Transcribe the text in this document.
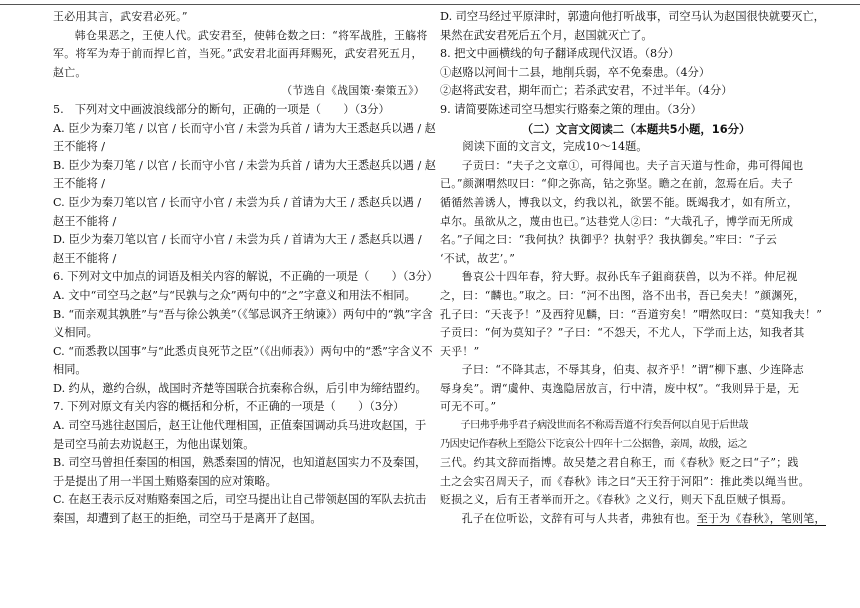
王必用其言，武安君必死。”

韩仓果恶之，王使人代。武安君至，使韩仓数之曰：“将军战胜，王觞将

军。将军为寿于前而捍匕首，当死。”武安君北面再拜赐死，武安君死五月，

赵亡。

（节选自《战国策·秦策五》）

5.　下列对文中画波浪线部分的断句，正确的一项是（　　）（3分）

A. 臣少为秦刀笔 / 以官 / 长而守小官 / 未尝为兵首 / 请为大王悉赵兵以遇 / 赵

王不能将 /

B. 臣少为秦刀笔 / 以官 / 长而守小官 / 未尝为兵首 / 请为大王悉赵兵以遇 / 赵

王不能将 /

C. 臣少为秦刀笔以官 / 长而守小官 / 未尝为兵 / 首请为大王 / 悉赵兵以遇 /

赵王不能将 /

D. 臣少为秦刀笔以官 / 长而守小官 / 未尝为兵 / 首请为大王 / 悉赵兵以遇 /

赵王不能将 /

6. 下列对文中加点的词语及相关内容的解说，不正确的一项是（　　）（3分）

A. 文中“司空马之赵”与“民孰与之众”两句中的“之”字意义和用法不相同。

B. “而亲观其孰胜”与“吾与徐公孰美”（《邹忌讽齐王纳谏》）两句中的“孰”字含

义相同。

C. “而悉教以国事”与“此悉贞良死节之臣”（《出师表》）两句中的“悉”字含义不

相同。

D. 约从，邀约合纵，战国时齐楚等国联合抗秦称合纵，后引申为缔结盟约。

7. 下列对原文有关内容的概括和分析，不正确的一项是（　　）（3分）

A. 司空马逃往赵国后，赵王让他代理相国，正值秦国调动兵马进攻赵国，于

是司空马前去劝说赵王，为他出谋划策。

B. 司空马曾担任秦国的相国，熟悉秦国的情况，也知道赵国实力不及秦国，

于是提出了用一半国土贿赂秦国的应对策略。

C. 在赵王表示反对贿赂秦国之后，司空马提出让自己带领赵国的军队去抗击

秦国，却遭到了赵王的拒绝，司空马于是离开了赵国。

D. 司空马经过平原津时，郭遗向他打听战事，司空马认为赵国很快就要灭亡，

果然在武安君死后五个月，赵国就灭亡了。

8. 把文中画横线的句子翻译成现代汉语。（8分）

①赵赂以河间十二县，地削兵弱，卒不免秦患。（4分）

②赵将武安君，期年而亡；若杀武安君，不过半年。（4分）

9. 请简要陈述司空马想实行赂秦之策的理由。（3分）

（二）文言文阅读二（本题共5小题，16分）

阅读下面的文言文，完成10～14题。

子贡曰：“夫子之文章①，可得闻也。夫子言天道与性命，弗可得闻也

已。”颜渊喟然叹曰：“仰之弥高，钻之弥坚。瞻之在前，忽焉在后。夫子

循循然善诱人，博我以文，约我以礼，欲罢不能。既竭我才，如有所立，

卓尔。虽欲从之，蔑由也已。”达巷党人②曰：“大哉孔子，博学而无所成

名。”子闻之曰：“我何执？执御乎？执射乎？我执御矣。”牢曰：“子云

‘不试，故艺’。”

鲁哀公十四年春，狩大野。叔孙氏车子鉏商获兽，以为不祥。仲尼视

之，曰：“麟也。”取之。曰：“河不出图，洛不出书，吾已矣夫！”颜渊死，

孔子曰：“天丧予！”及西狩见麟，曰：“吾道穷矣！”喟然叹曰：“莫知我夫！”

子贡曰：“何为莫知子？”子曰：“不怨天，不尤人，下学而上达，知我者其

天乎！”

子曰：“不降其志，不辱其身，伯夷、叔齐乎！”谓“柳下惠、少连降志

辱身矣”。谓“虞仲、夷逸隐居放言，行中清，废中权”。“我则异于是，无

可无不可。”

子曰弗乎弗乎君子病没世而名不称焉吾道不行矣吾何以自见于后世哉

乃因史记作春秋上至隐公下讫哀公十四年十二公据鲁，亲周，故殷，运之

三代。约其文辞而指博。故吴楚之君自称王，而《春秋》贬之曰“子”；践

土之会实召周天子，而《春秋》讳之曰“天王狩于河阳”：推此类以绳当世。

贬损之义，后有王者举而开之。《春秋》之义行，则天下乱臣贼子惧焉。

孔子在位听讼，文辞有可与人共者，弗独有也。至于为《春秋》，笔则笔，
